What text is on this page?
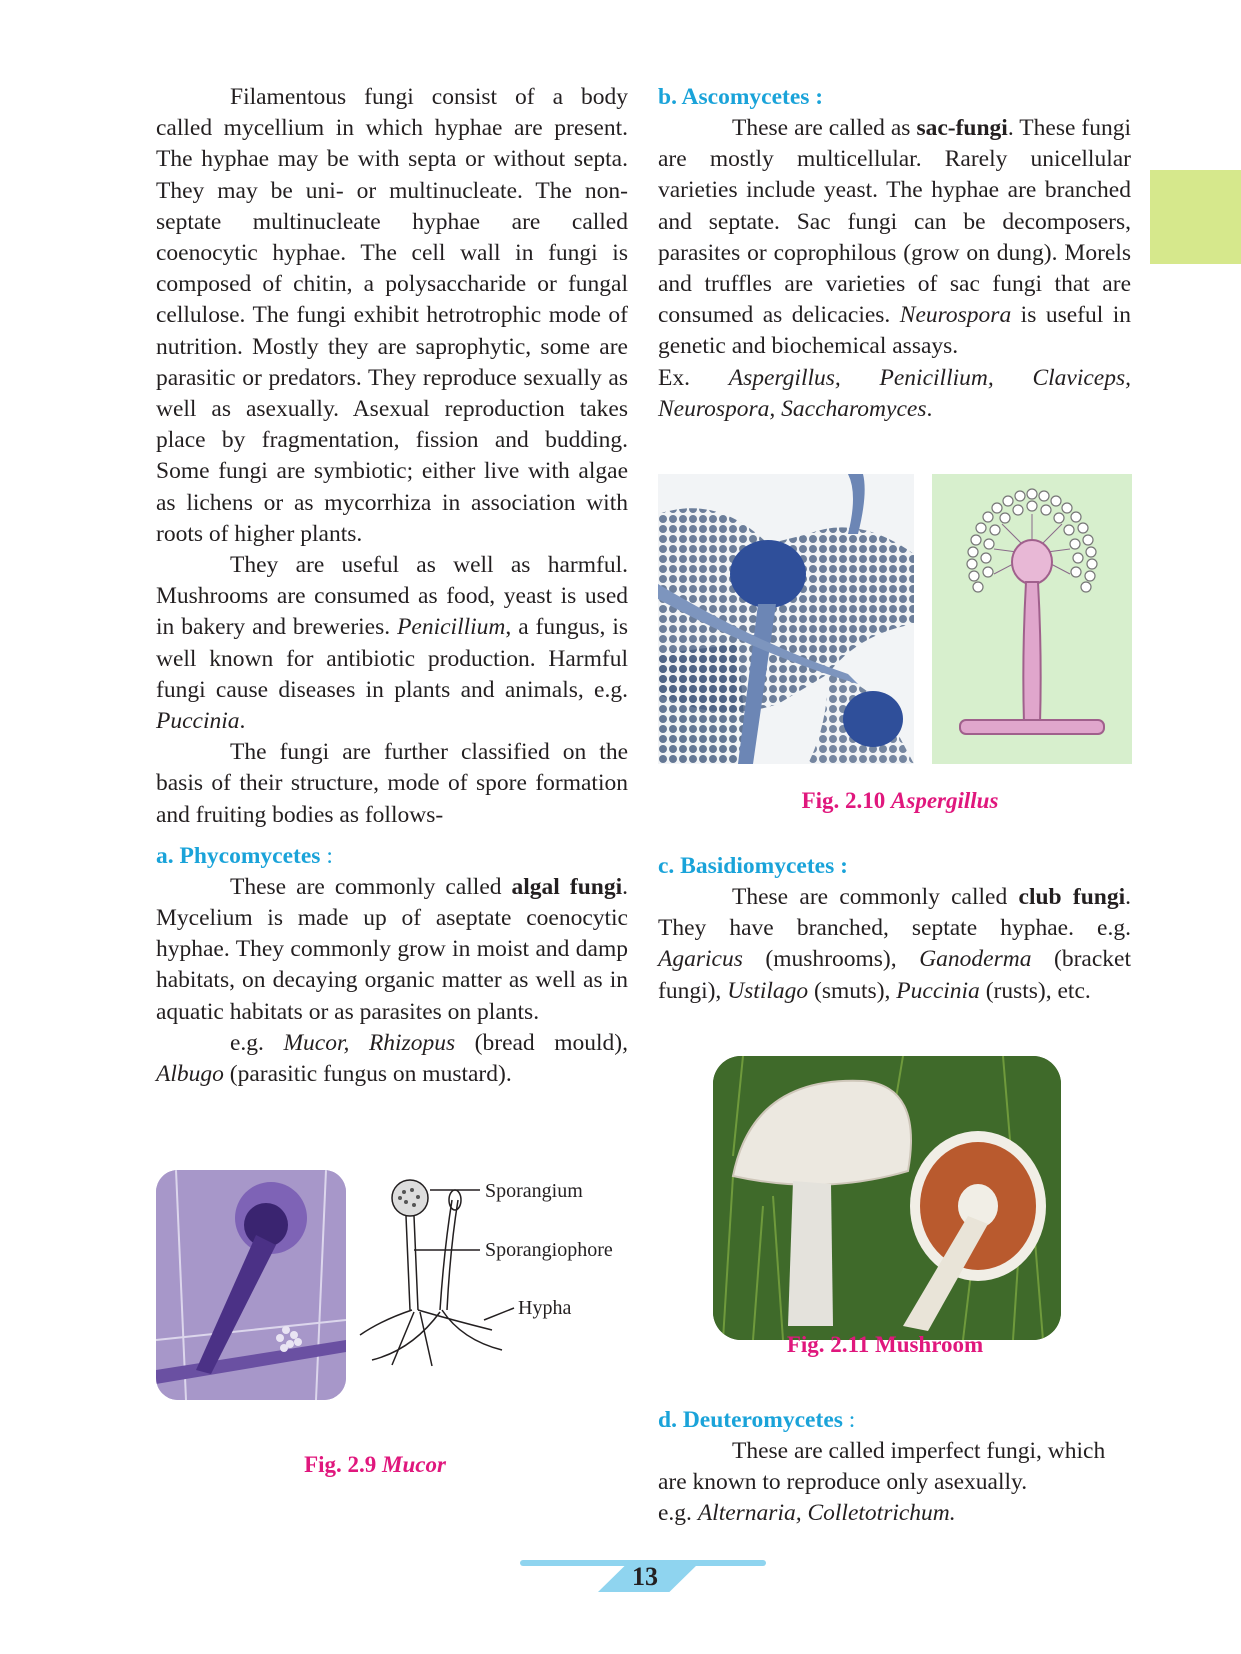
Filamentous fungi consist of a body called mycellium in which hyphae are present. The hyphae may be with septa or without septa. They may be uni- or multinucleate. The non-septate multinucleate hyphae are called coenocytic hyphae. The cell wall in fungi is composed of chitin, a polysaccharide or fungal cellulose. The fungi exhibit hetrotrophic mode of nutrition. Mostly they are saprophytic, some are parasitic or predators. They reproduce sexually as well as asexually. Asexual reproduction takes place by fragmentation, fission and budding. Some fungi are symbiotic; either live with algae as lichens or as mycorrhiza in association with roots of higher plants.

They are useful as well as harmful. Mushrooms are consumed as food, yeast is used in bakery and breweries. Penicillium, a fungus, is well known for antibiotic production. Harmful fungi cause diseases in plants and animals, e.g. Puccinia.

The fungi are further classified on the basis of their structure, mode of spore formation and fruiting bodies as follows-

a. Phycomycetes :

These are commonly called algal fungi. Mycelium is made up of aseptate coenocytic hyphae. They commonly grow in moist and damp habitats, on decaying organic matter as well as in aquatic habitats or as parasites on plants.

e.g. Mucor, Rhizopus (bread mould), Albugo (parasitic fungus on mustard).

b. Ascomycetes :

These are called as sac-fungi. These fungi are mostly multicellular. Rarely unicellular varieties include yeast. The hyphae are branched and septate. Sac fungi can be decomposers, parasites or coprophilous (grow on dung). Morels and truffles are varieties of sac fungi that are consumed as delicacies. Neurospora is useful in genetic and biochemical assays.

Ex. Aspergillus, Penicillium, Claviceps, Neurospora, Saccharomyces.

Fig. 2.10 Aspergillus

c. Basidiomycetes :

These are commonly called club fungi. They have branched, septate hyphae. e.g. Agaricus (mushrooms), Ganoderma (bracket fungi), Ustilago (smuts), Puccinia (rusts), etc.

Fig. 2.11 Mushroom

d. Deuteromycetes :

These are called imperfect fungi, which are known to reproduce only asexually.

e.g. Alternaria, Colletotrichum.

Sporangium
Sporangiophore
Hypha
Fig. 2.9 Mucor
13
